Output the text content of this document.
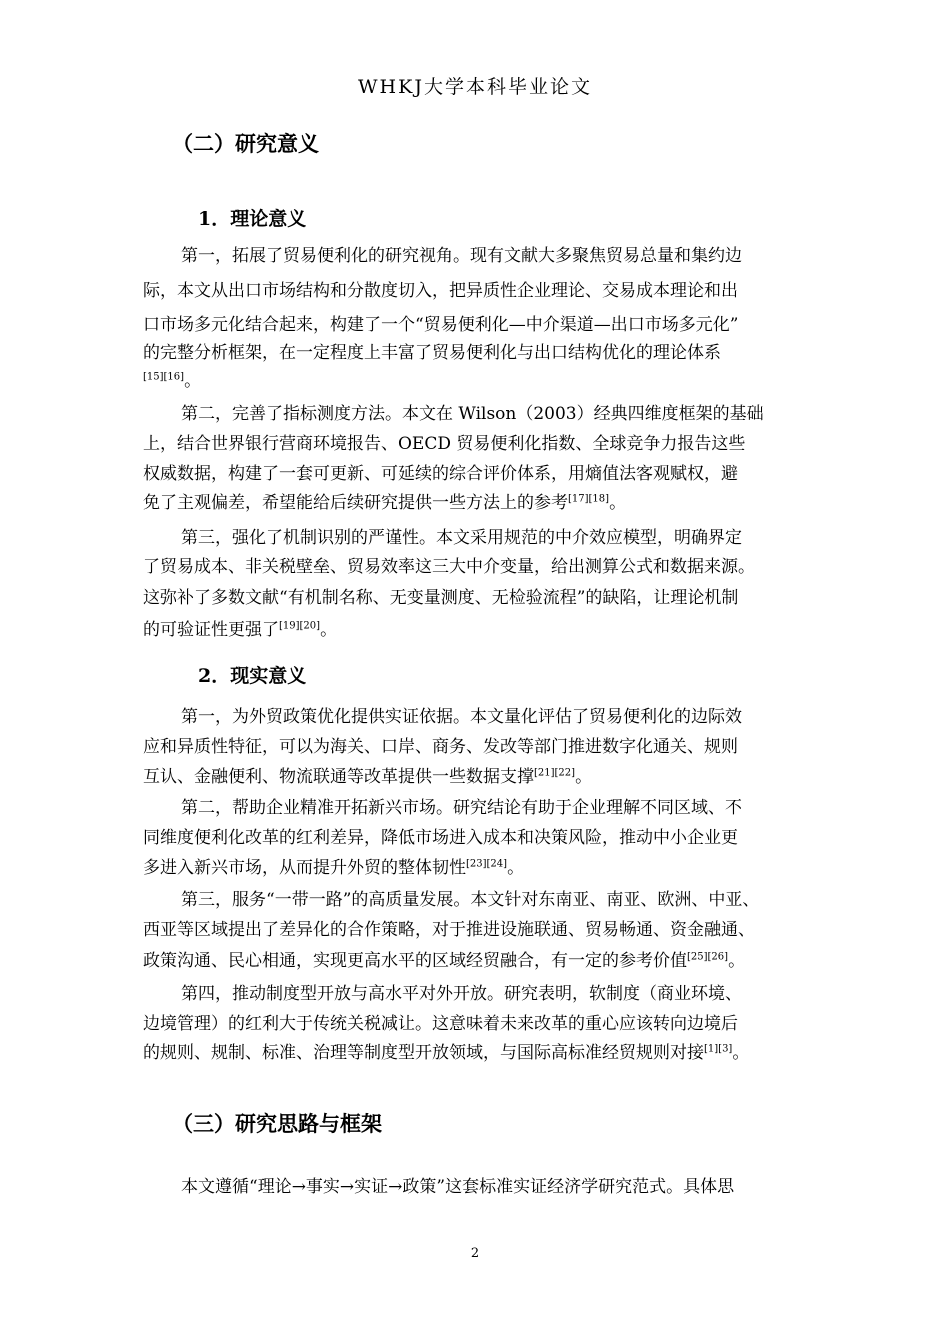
WHKJ大学本科毕业论文
（二）研究意义
1．理论意义
第一，拓展了贸易便利化的研究视角。现有文献大多聚焦贸易总量和集约边
际，本文从出口市场结构和分散度切入，把异质性企业理论、交易成本理论和出
口市场多元化结合起来，构建了一个“贸易便利化—中介渠道—出口市场多元化”
的完整分析框架，在一定程度上丰富了贸易便利化与出口结构优化的理论体系
[15][16]。
第二，完善了指标测度方法。本文在 Wilson（2003）经典四维度框架的基础
上，结合世界银行营商环境报告、OECD 贸易便利化指数、全球竞争力报告这些
权威数据，构建了一套可更新、可延续的综合评价体系，用熵值法客观赋权，避
免了主观偏差，希望能给后续研究提供一些方法上的参考[17][18]。
第三，强化了机制识别的严谨性。本文采用规范的中介效应模型，明确界定
了贸易成本、非关税壁垒、贸易效率这三大中介变量，给出测算公式和数据来源。
这弥补了多数文献“有机制名称、无变量测度、无检验流程”的缺陷，让理论机制
的可验证性更强了[19][20]。
2．现实意义
第一，为外贸政策优化提供实证依据。本文量化评估了贸易便利化的边际效
应和异质性特征，可以为海关、口岸、商务、发改等部门推进数字化通关、规则
互认、金融便利、物流联通等改革提供一些数据支撑[21][22]。
第二，帮助企业精准开拓新兴市场。研究结论有助于企业理解不同区域、不
同维度便利化改革的红利差异，降低市场进入成本和决策风险，推动中小企业更
多进入新兴市场，从而提升外贸的整体韧性[23][24]。
第三，服务“一带一路”的高质量发展。本文针对东南亚、南亚、欧洲、中亚、
西亚等区域提出了差异化的合作策略，对于推进设施联通、贸易畅通、资金融通、
政策沟通、民心相通，实现更高水平的区域经贸融合，有一定的参考价值[25][26]。
第四，推动制度型开放与高水平对外开放。研究表明，软制度（商业环境、
边境管理）的红利大于传统关税减让。这意味着未来改革的重心应该转向边境后
的规则、规制、标准、治理等制度型开放领域，与国际高标准经贸规则对接[1][3]。
（三）研究思路与框架
本文遵循“理论→事实→实证→政策”这套标准实证经济学研究范式。具体思
2
